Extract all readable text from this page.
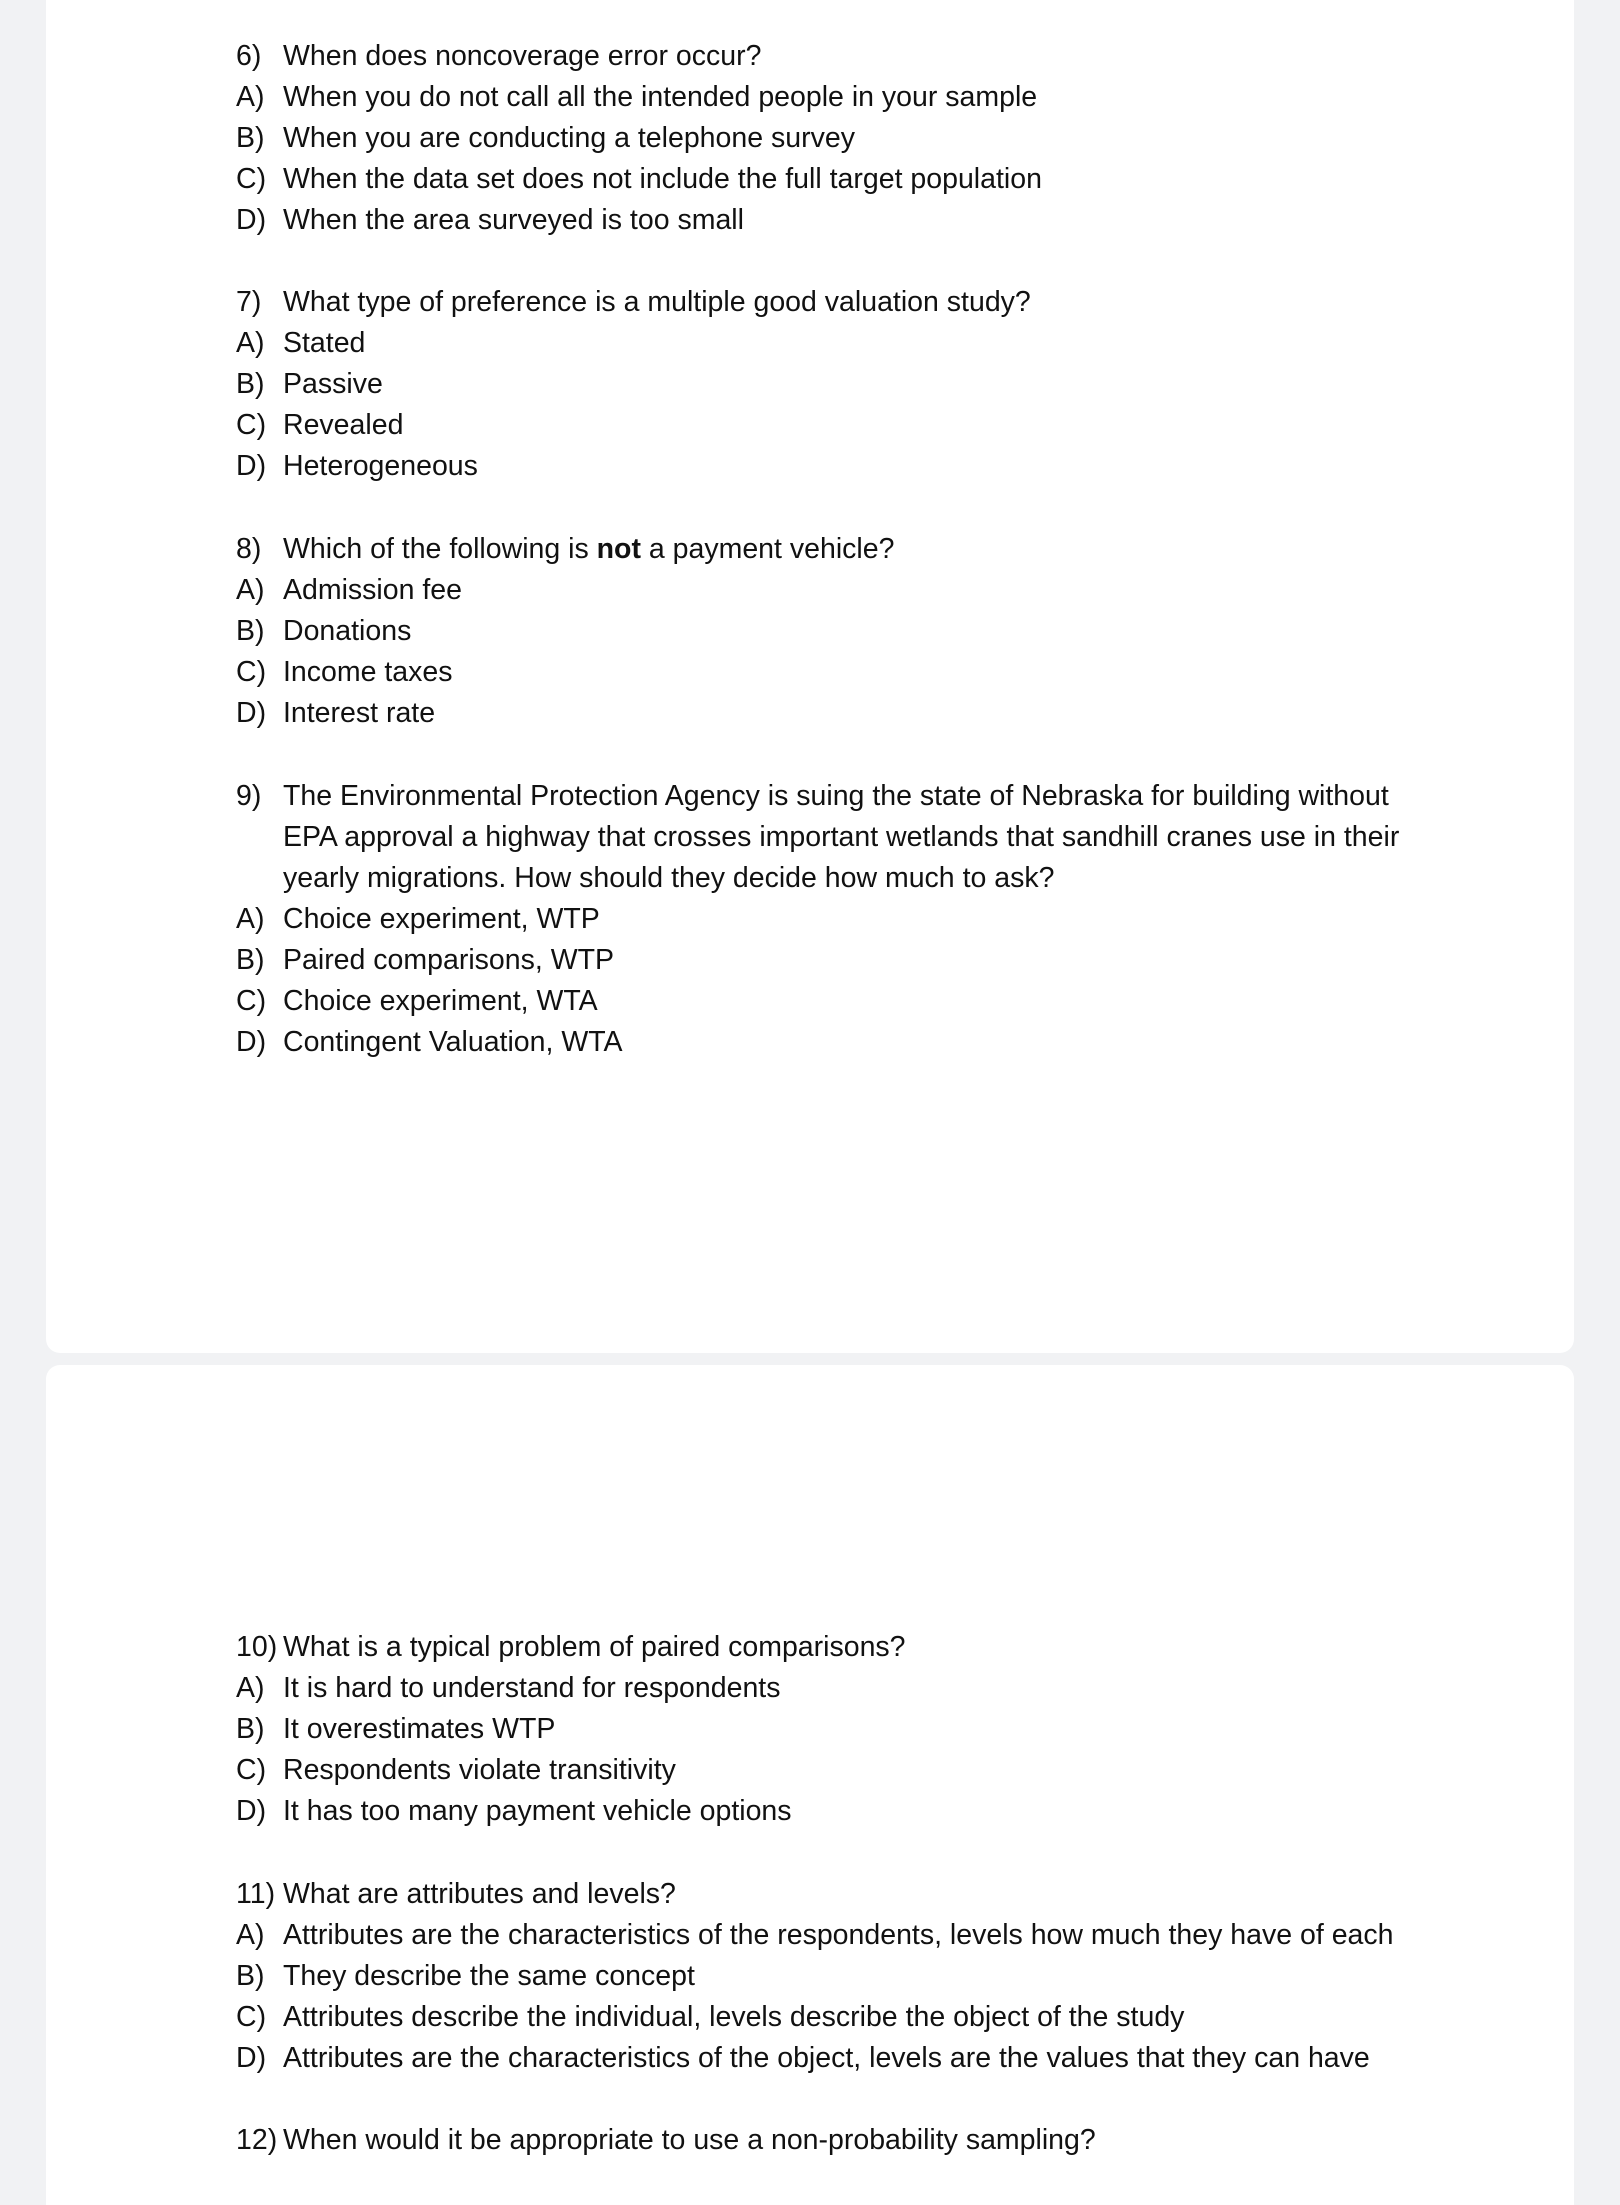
6) When does noncoverage error occur?
A) When you do not call all the intended people in your sample
B) When you are conducting a telephone survey
C) When the data set does not include the full target population
D) When the area surveyed is too small
7) What type of preference is a multiple good valuation study?
A) Stated
B) Passive
C) Revealed
D) Heterogeneous
8) Which of the following is not a payment vehicle?
A) Admission fee
B) Donations
C) Income taxes
D) Interest rate
9) The Environmental Protection Agency is suing the state of Nebraska for building without EPA approval a highway that crosses important wetlands that sandhill cranes use in their yearly migrations. How should they decide how much to ask?
A) Choice experiment, WTP
B) Paired comparisons, WTP
C) Choice experiment, WTA
D) Contingent Valuation, WTA
10) What is a typical problem of paired comparisons?
A) It is hard to understand for respondents
B) It overestimates WTP
C) Respondents violate transitivity
D) It has too many payment vehicle options
11) What are attributes and levels?
A) Attributes are the characteristics of the respondents, levels how much they have of each
B) They describe the same concept
C) Attributes describe the individual, levels describe the object of the study
D) Attributes are the characteristics of the object, levels are the values that they can have
12) When would it be appropriate to use a non-probability sampling?
